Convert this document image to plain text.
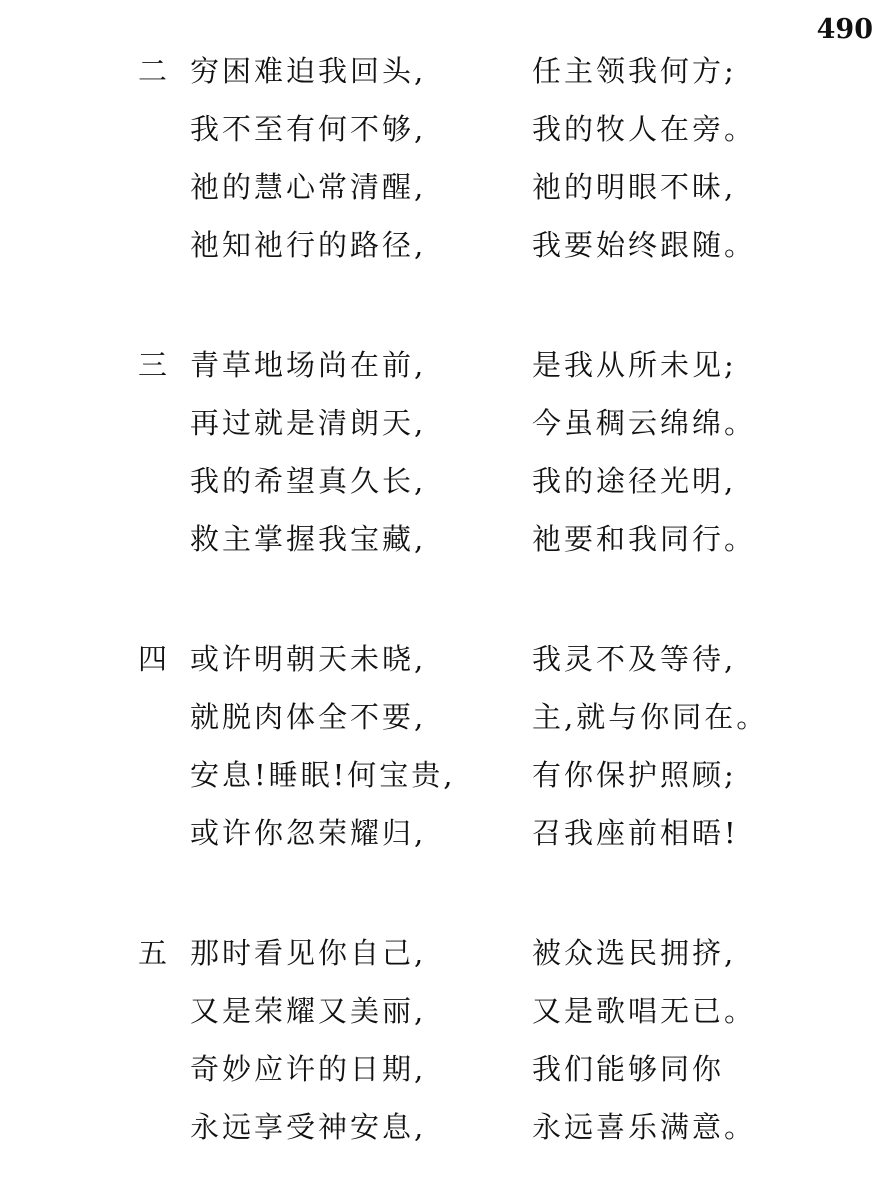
490
二 穷困难迫我回头,	任主领我何方;
我不至有何不够,	我的牧人在旁。
祂的慧心常清醒,	祂的明眼不昧,
祂知祂行的路径,	我要始终跟随。
三 青草地场尚在前,	是我从所未见;
再过就是清朗天,	今虽稠云绵绵。
我的希望真久长,	我的途径光明,
救主掌握我宝藏,	祂要和我同行。
四 或许明朝天未晓,	我灵不及等待,
就脱肉体全不要,	主,就与你同在。
安息!睡眠!何宝贵,	有你保护照顾;
或许你忽荣耀归,	召我座前相晤!
五 那时看见你自己,	被众选民拥挤,
又是荣耀又美丽,	又是歌唱无已。
奇妙应许的日期,	我们能够同你
永远享受神安息,	永远喜乐满意。
